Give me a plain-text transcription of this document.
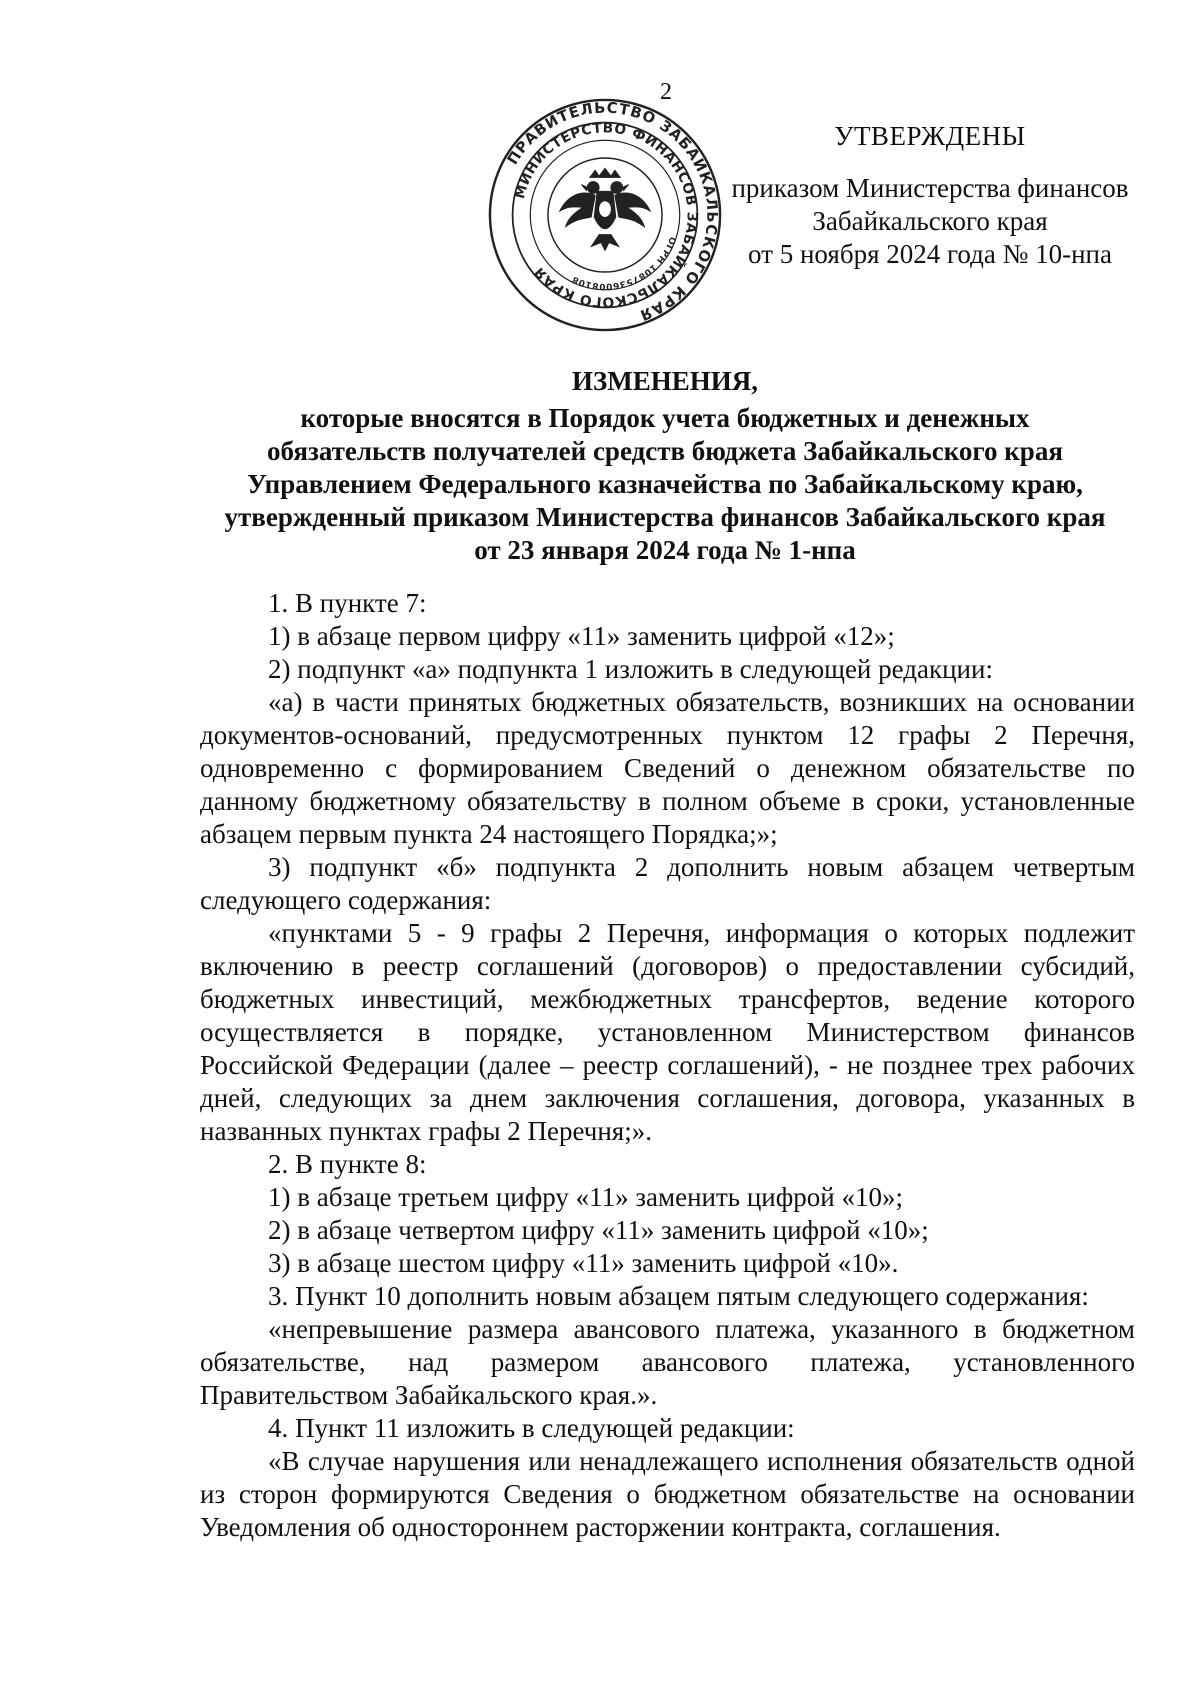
2
ПРАВИТЕЛЬСТВО ЗАБАЙКАЛЬСКОГО КРАЯ
МИНИСТЕРСТВО ФИНАНСОВ ЗАБАЙКАЛЬСКОГО КРАЯ
ОГРН 1087536008108
УТВЕРЖДЕНЫ
приказом Министерства финансов
Забайкальского края
от 5 ноября 2024 года № 10-нпа
ИЗМЕНЕНИЯ,
которые вносятся в Порядок учета бюджетных и денежных
обязательств получателей средств бюджета Забайкальского края
Управлением Федерального казначейства по Забайкальскому краю,
утвержденный приказом Министерства финансов Забайкальского края
от 23 января 2024 года № 1-нпа

1. В пункте 7:

1) в абзаце первом цифру «11» заменить цифрой «12»;

2) подпункт «а» подпункта 1 изложить в следующей редакции:

«а) в части принятых бюджетных обязательств, возникших на основании документов-оснований, предусмотренных пунктом 12 графы 2 Перечня, одновременно с формированием Сведений о денежном обязательстве по данному бюджетному обязательству в полном объеме в сроки, установленные абзацем первым пункта 24 настоящего Порядка;»;

3) подпункт «б» подпункта 2 дополнить новым абзацем четвертым следующего содержания:

«пунктами 5 - 9 графы 2 Перечня, информация о которых подлежит включению в реестр соглашений (договоров) о предоставлении субсидий, бюджетных инвестиций, межбюджетных трансфертов, ведение которого осуществляется в порядке, установленном Министерством финансов Российской Федерации (далее – реестр соглашений), - не позднее трех рабочих дней, следующих за днем заключения соглашения, договора, указанных в названных пунктах графы 2 Перечня;».

2. В пункте 8:

1) в абзаце третьем цифру «11» заменить цифрой «10»;

2) в абзаце четвертом цифру «11» заменить цифрой «10»;

3) в абзаце шестом цифру «11» заменить цифрой «10».

3. Пункт 10 дополнить новым абзацем пятым следующего содержания:

«непревышение размера авансового платежа, указанного в бюджетном обязательстве, над размером авансового платежа, установленного Правительством Забайкальского края.».

4. Пункт 11 изложить в следующей редакции:

«В случае нарушения или ненадлежащего исполнения обязательств одной из сторон формируются Сведения о бюджетном обязательстве на основании Уведомления об одностороннем расторжении контракта, соглашения.
